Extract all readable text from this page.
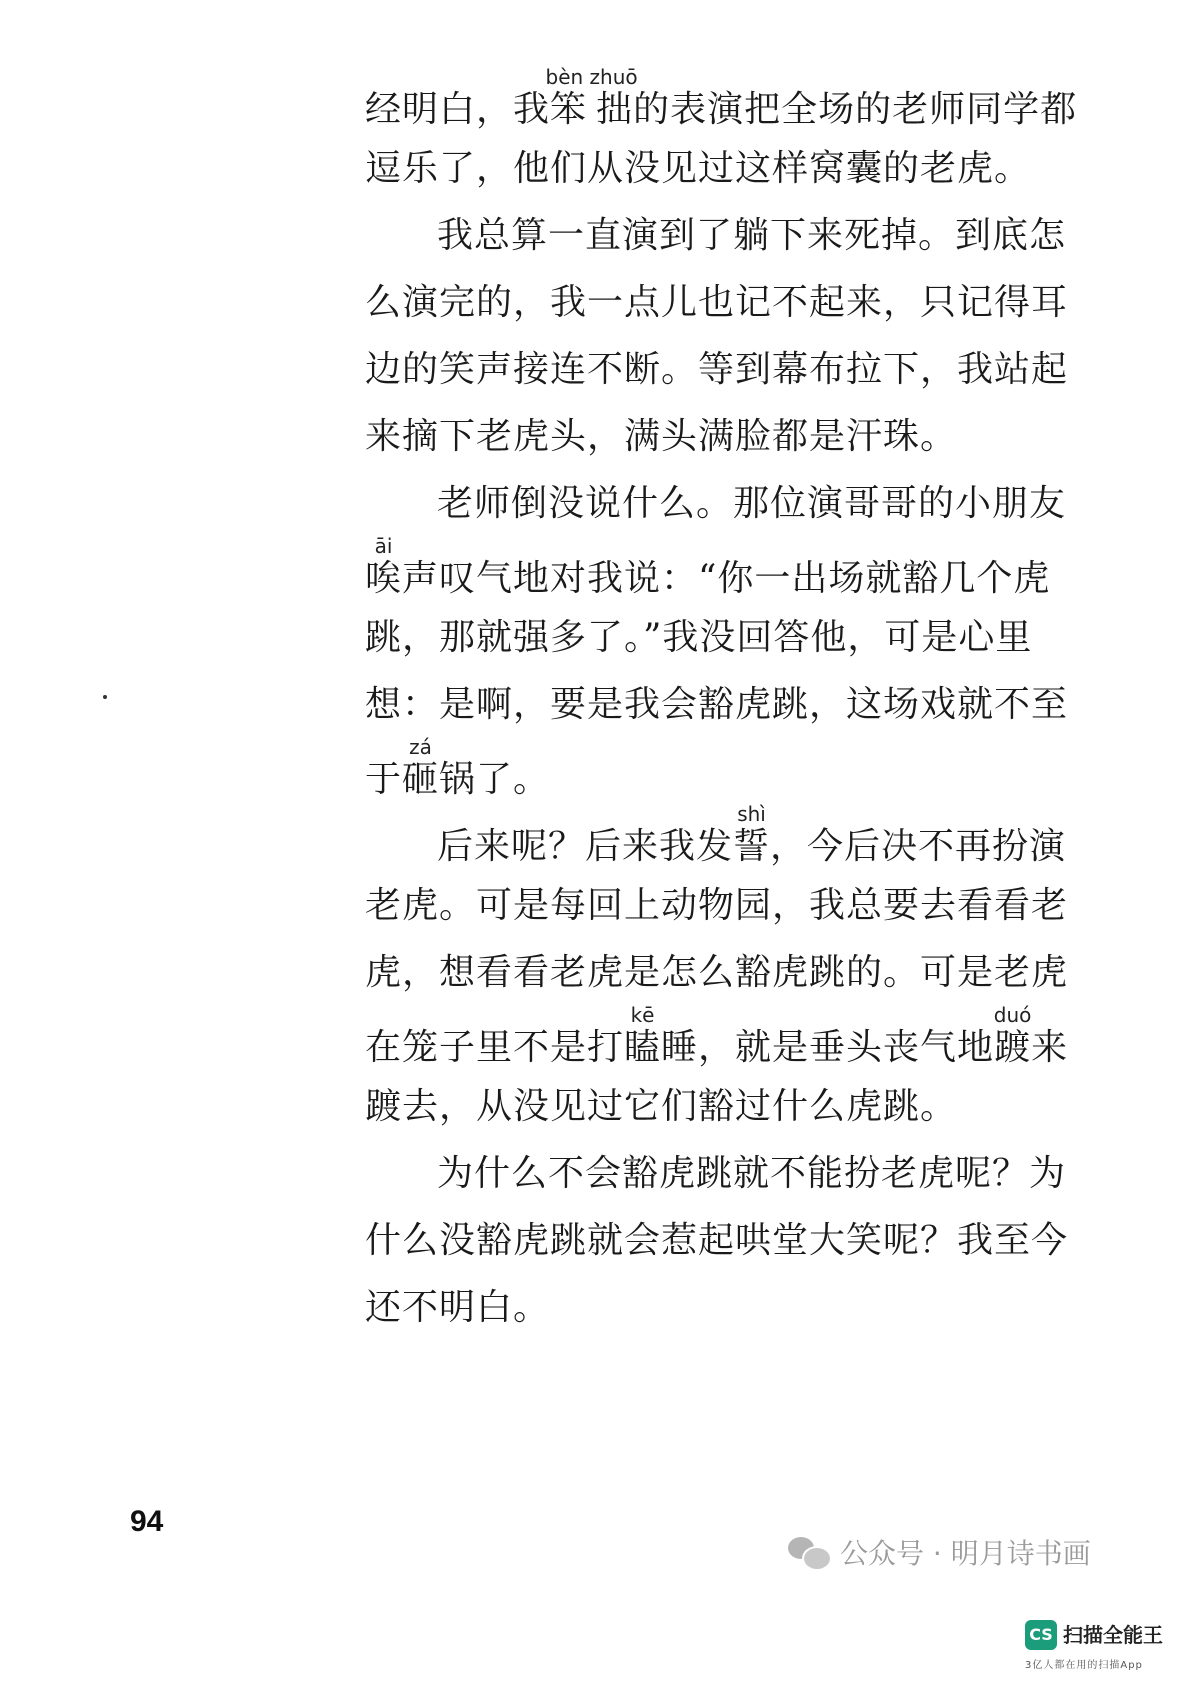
经明白，我笨拙bèn zhuō的表演把全场的老师同学都
逗乐了，他们从没见过这样窝囊的老虎。
我总算一直演到了躺下来死掉。到底怎
么演完的，我一点儿也记不起来，只记得耳
边的笑声接连不断。等到幕布拉下，我站起
来摘下老虎头，满头满脸都是汗珠。
老师倒没说什么。那位演哥哥的小朋友
唉āi声叹气地对我说：“你一出场就豁几个虎
跳，那就强多了。”我没回答他，可是心里
想：是啊，要是我会豁虎跳，这场戏就不至
于砸zá锅了。
后来呢？后来我发誓shì，今后决不再扮演
老虎。可是每回上动物园，我总要去看看老
虎，想看看老虎是怎么豁虎跳的。可是老虎
在笼子里不是打瞌kē睡，就是垂头丧气地踱duó来
踱去，从没见过它们豁过什么虎跳。
为什么不会豁虎跳就不能扮老虎呢？为
什么没豁虎跳就会惹起哄堂大笑呢？我至今
还不明白。
94
公众号 · 明月诗书画
CS 扫描全能王
3亿人都在用的扫描App
